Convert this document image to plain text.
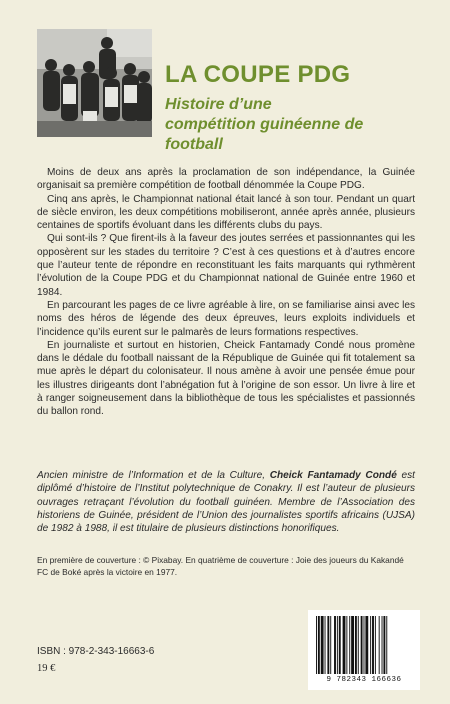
LA COUPE PDG
Histoire d’une compétition guinéenne de football

Moins de deux ans après la proclamation de son indépendance, la Guinée organisait sa première compétition de football dénommée la Coupe PDG.

Cinq ans après, le Championnat national était lancé à son tour. Pendant un quart de siècle environ, les deux compétitions mobiliseront, année après année, plusieurs centaines de sportifs évoluant dans les différents clubs du pays.

Qui sont-ils ? Que firent-ils à la faveur des joutes serrées et passionnantes qui les opposèrent sur les stades du territoire ? C’est à ces questions et à d’autres encore que l’auteur tente de répondre en reconstituant les faits marquants qui rythmèrent l’évolution de la Coupe PDG et du Championnat national de Guinée entre 1960 et 1984.

En parcourant les pages de ce livre agréable à lire, on se familiarise ainsi avec les noms des héros de légende des deux épreuves, leurs exploits individuels et l’incidence qu’ils eurent sur le palmarès de leurs formations respectives.

En journaliste et surtout en historien, Cheick Fantamady Condé nous promène dans le dédale du football naissant de la République de Guinée qui fit totalement sa mue après le départ du colonisateur. Il nous amène à avoir une pensée émue pour les illustres dirigeants dont l’abnégation fut à l’origine de son essor. Un livre à lire et à ranger soigneusement dans la bibliothèque de tous les spécialistes et passionnés du ballon rond.

Ancien ministre de l’Information et de la Culture, Cheick Fantamady Condé est diplômé d’histoire de l’Institut polytechnique de Conakry. Il est l’auteur de plusieurs ouvrages retraçant l’évolution du football guinéen. Membre de l’Association des historiens de Guinée, président de l’Union des journalistes sportifs africains (UJSA) de 1982 à 1988, il est titulaire de plusieurs distinctions honorifiques.

En première de couverture : © Pixabay. En quatrième de couverture : Joie des joueurs du Kakandé FC de Boké après la victoire en 1977.

ISBN : 978-2-343-16663-6

19 €

9 782343 166636
